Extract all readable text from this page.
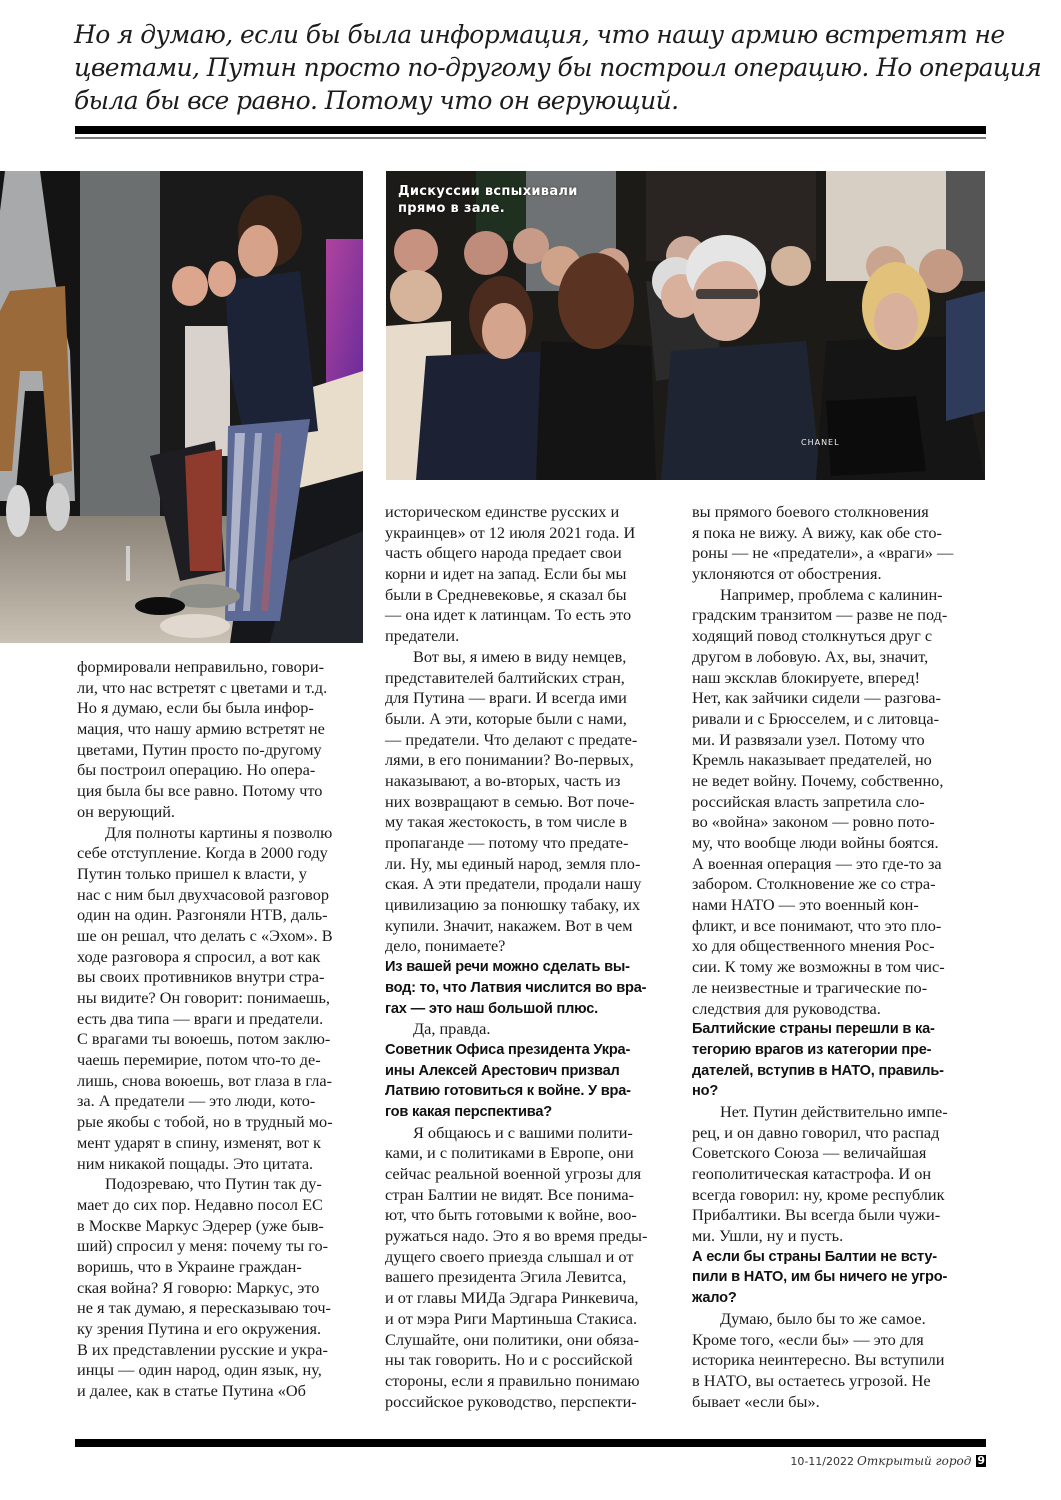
Но я думаю, если бы была информация, что нашу армию встретят не
цветами, Путин просто по-другому бы построил операцию. Но операция
была бы все равно. Потому что он верующий.
Дискуссии вспыхивали
прямо в зале.
CHANEL
формировали неправильно, говори-
ли, что нас встретят с цветами и т.д.
Но я думаю, если бы была инфор-
мация, что нашу армию встретят не
цветами, Путин просто по-другому
бы построил операцию. Но опера-
ция была бы все равно. Потому что
он верующий.
Для полноты картины я позволю
себе отступление. Когда в 2000 году
Путин только пришел к власти, у
нас с ним был двухчасовой разговор
один на один. Разгоняли НТВ, даль-
ше он решал, что делать с «Эхом». В
ходе разговора я спросил, а вот как
вы своих противников внутри стра-
ны видите? Он говорит: понимаешь,
есть два типа — враги и предатели.
С врагами ты воюешь, потом заклю-
чаешь перемирие, потом что-то де-
лишь, снова воюешь, вот глаза в гла-
за. А предатели — это люди, кото-
рые якобы с тобой, но в трудный мо-
мент ударят в спину, изменят, вот к
ним никакой пощады. Это цитата.
Подозреваю, что Путин так ду-
мает до сих пор. Недавно посол ЕС
в Москве Маркус Эдерер (уже быв-
ший) спросил у меня: почему ты го-
воришь, что в Украине граждан-
ская война? Я говорю: Маркус, это
не я так думаю, я пересказываю точ-
ку зрения Путина и его окружения.
В их представлении русские и укра-
инцы — один народ, один язык, ну,
и далее, как в статье Путина «Об
историческом единстве русских и
украинцев» от 12 июля 2021 года. И
часть общего народа предает свои
корни и идет на запад. Если бы мы
были в Средневековье, я сказал бы
— она идет к латинцам. То есть это
предатели.
Вот вы, я имею в виду немцев,
представителей балтийских стран,
для Путина — враги. И всегда ими
были. А эти, которые были с нами,
— предатели. Что делают с предате-
лями, в его понимании? Во-первых,
наказывают, а во-вторых, часть из
них возвращают в семью. Вот поче-
му такая жестокость, в том числе в
пропаганде — потому что предате-
ли. Ну, мы единый народ, земля пло-
ская. А эти предатели, продали нашу
цивилизацию за понюшку табаку, их
купили. Значит, накажем. Вот в чем
дело, понимаете?
Из вашей речи можно сделать вы-
вод: то, что Латвия числится во вра-
гах — это наш большой плюс.
Да, правда.
Советник Офиса президента Укра-
ины Алексей Арестович призвал
Латвию готовиться к войне. У вра-
гов какая перспектива?
Я общаюсь и с вашими полити-
ками, и с политиками в Европе, они
сейчас реальной военной угрозы для
стран Балтии не видят. Все понима-
ют, что быть готовыми к войне, воо-
ружаться надо. Это я во время преды-
дущего своего приезда слышал и от
вашего президента Эгила Левитса,
и от главы МИДа Эдгара Ринкевича,
и от мэра Риги Мартиньша Стакиса.
Слушайте, они политики, они обяза-
ны так говорить. Но и с российской
стороны, если я правильно понимаю
российское руководство, перспекти-
вы прямого боевого столкновения
я пока не вижу. А вижу, как обе сто-
роны — не «предатели», а «враги» —
уклоняются от обострения.
Например, проблема с калинин-
градским транзитом — разве не под-
ходящий повод столкнуться друг с
другом в лобовую. Ах, вы, значит,
наш эксклав блокируете, вперед!
Нет, как зайчики сидели — разгова-
ривали и с Брюсселем, и с литовца-
ми. И развязали узел. Потому что
Кремль наказывает предателей, но
не ведет войну. Почему, собственно,
российская власть запретила сло-
во «война» законом — ровно пото-
му, что вообще люди войны боятся.
А военная операция — это где-то за
забором. Столкновение же со стра-
нами НАТО — это военный кон-
фликт, и все понимают, что это пло-
хо для общественного мнения Рос-
сии. К тому же возможны в том чис-
ле неизвестные и трагические по-
следствия для руководства.
Балтийские страны перешли в ка-
тегорию врагов из категории пре-
дателей, вступив в НАТО, правиль-
но?
Нет. Путин действительно импе-
рец, и он давно говорил, что распад
Советского Союза — величайшая
геополитическая катастрофа. И он
всегда говорил: ну, кроме республик
Прибалтики. Вы всегда были чужи-
ми. Ушли, ну и пусть.
А если бы страны Балтии не всту-
пили в НАТО, им бы ничего не угро-
жало?
Думаю, было бы то же самое.
Кроме того, «если бы» — это для
историка неинтересно. Вы вступили
в НАТО, вы остаетесь угрозой. Не
бывает «если бы».
10-11/2022 Открытый город 9
